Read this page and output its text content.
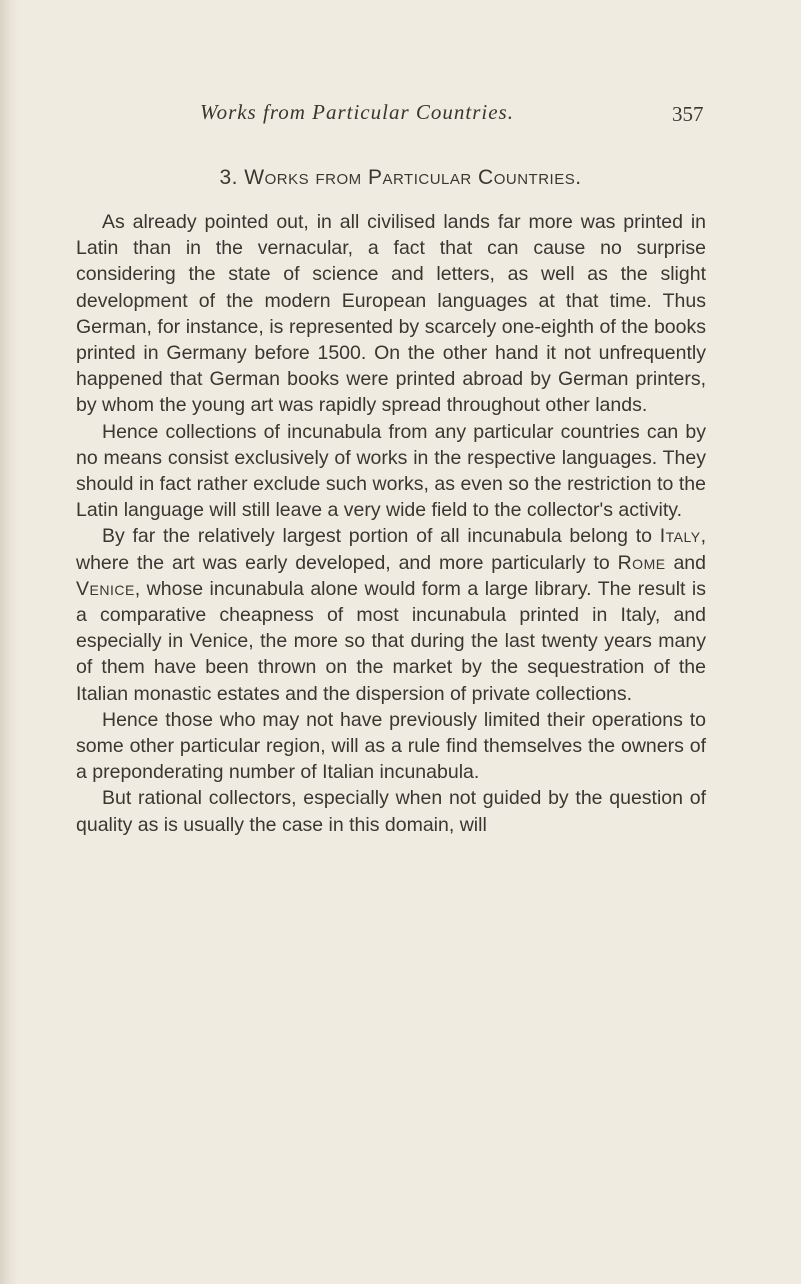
Works from Particular Countries.	357
3. Works from Particular Countries.

As already pointed out, in all civilised lands far more was printed in Latin than in the vernacular, a fact that can cause no surprise considering the state of science and letters, as well as the slight development of the modern European languages at that time. Thus German, for instance, is represented by scarcely one-eighth of the books printed in Germany before 1500. On the other hand it not unfrequently happened that German books were printed abroad by German printers, by whom the young art was rapidly spread throughout other lands.

Hence collections of incunabula from any particular countries can by no means consist exclusively of works in the respective languages. They should in fact rather exclude such works, as even so the restriction to the Latin language will still leave a very wide field to the collector's activity.

By far the relatively largest portion of all incunabula belong to Italy, where the art was early developed, and more particularly to Rome and Venice, whose incunabula alone would form a large library. The result is a comparative cheapness of most incunabula printed in Italy, and especially in Venice, the more so that during the last twenty years many of them have been thrown on the market by the sequestration of the Italian monastic estates and the dispersion of private collections.

Hence those who may not have previously limited their operations to some other particular region, will as a rule find themselves the owners of a preponderating number of Italian incunabula.

But rational collectors, especially when not guided by the question of quality as is usually the case in this domain, will
